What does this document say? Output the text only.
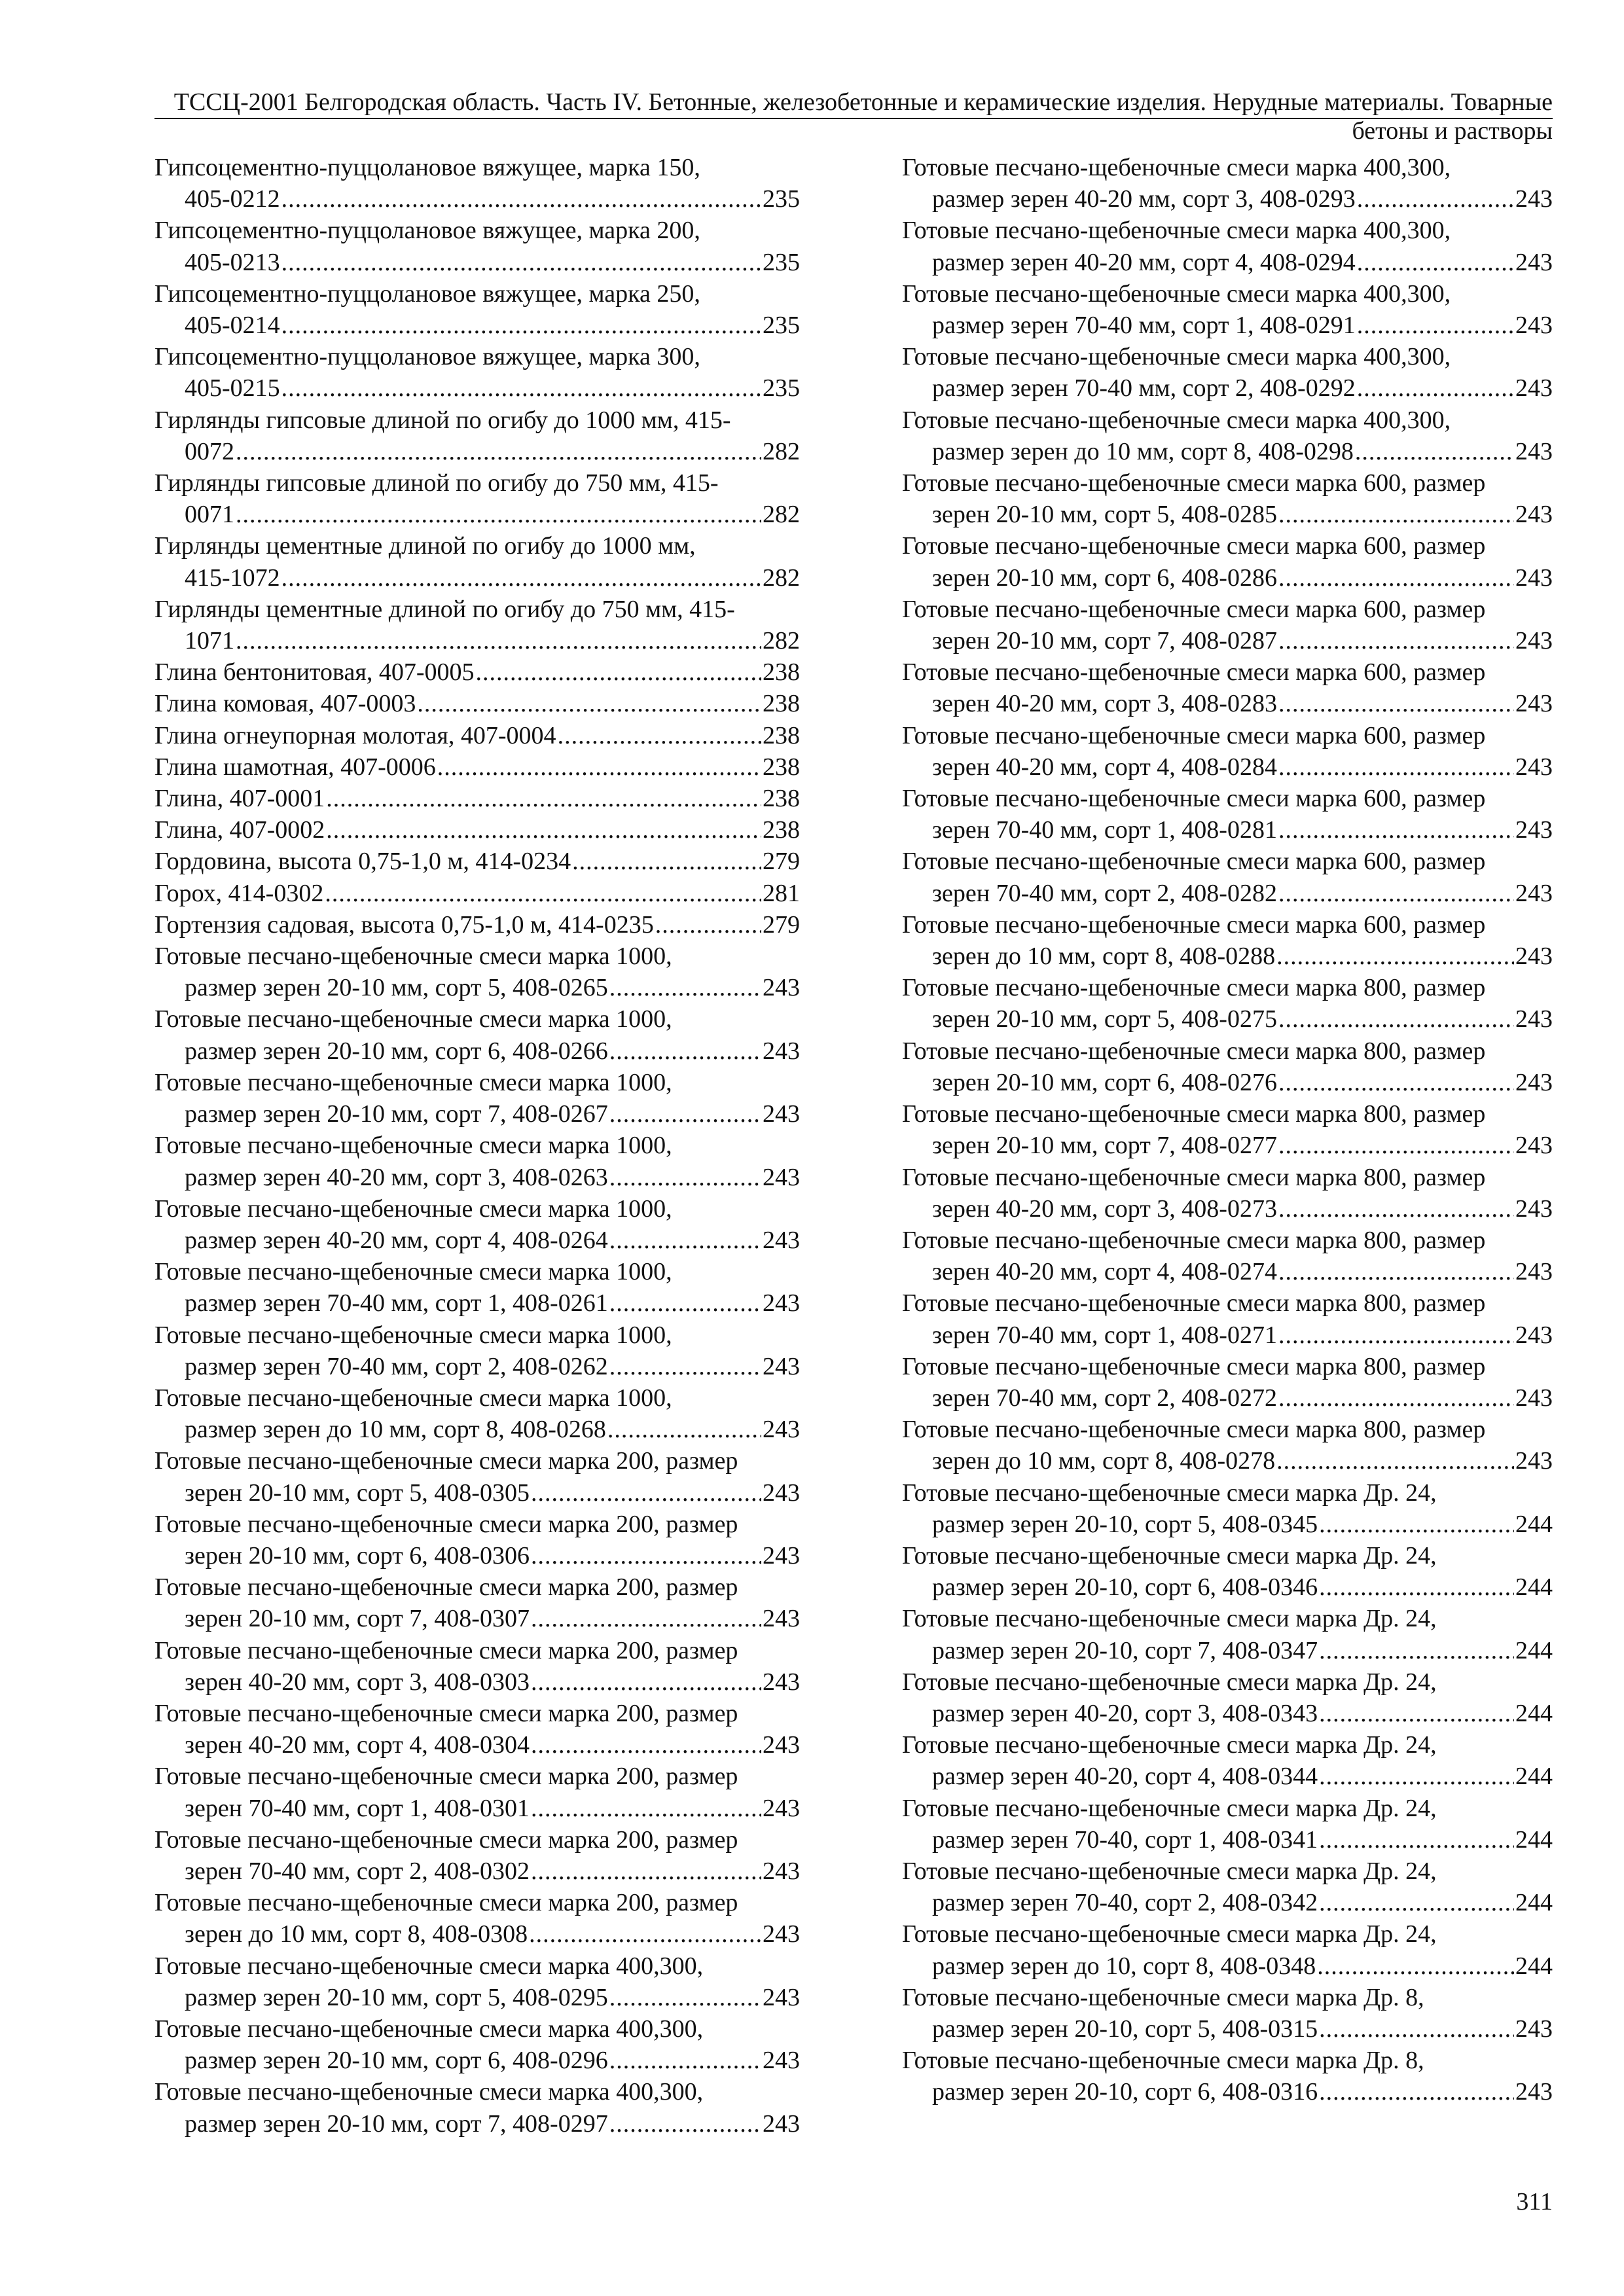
ТССЦ-2001 Белгородская область. Часть IV. Бетонные, железобетонные и керамические изделия. Нерудные материалы. Товарные бетоны и растворы
Гипсоцементно-пуццолановое вяжущее, марка 150,
405-0212 .....	235
Гипсоцементно-пуццолановое вяжущее, марка 200,
405-0213 .....	235
Гипсоцементно-пуццолановое вяжущее, марка 250,
405-0214 .....	235
Гипсоцементно-пуццолановое вяжущее, марка 300,
405-0215 .....	235
Гирлянды гипсовые длиной по огибу до 1000 мм, 415-
0072 .....	282
Гирлянды гипсовые длиной по огибу до 750 мм, 415-
0071 .....	282
Гирлянды цементные длиной по огибу до 1000 мм,
415-1072 .....	282
Гирлянды цементные длиной по огибу до 750 мм, 415-
1071 .....	282
Глина бентонитовая, 407-0005 .....	238
Глина комовая, 407-0003 .....	238
Глина огнеупорная молотая, 407-0004 .....	238
Глина шамотная, 407-0006 .....	238
Глина, 407-0001 .....	238
Глина, 407-0002 .....	238
Гордовина, высота 0,75-1,0 м, 414-0234 .....	279
Горох, 414-0302 .....	281
Гортензия садовая, высота 0,75-1,0 м, 414-0235 .....	279
Готовые песчано-щебеночные смеси марка 1000,
размер зерен 20-10 мм, сорт 5, 408-0265 .....	243
Готовые песчано-щебеночные смеси марка 1000,
размер зерен 20-10 мм, сорт 6, 408-0266 .....	243
Готовые песчано-щебеночные смеси марка 1000,
размер зерен 20-10 мм, сорт 7, 408-0267 .....	243
Готовые песчано-щебеночные смеси марка 1000,
размер зерен 40-20 мм, сорт 3, 408-0263 .....	243
Готовые песчано-щебеночные смеси марка 1000,
размер зерен 40-20 мм, сорт 4, 408-0264 .....	243
Готовые песчано-щебеночные смеси марка 1000,
размер зерен 70-40 мм, сорт 1, 408-0261 .....	243
Готовые песчано-щебеночные смеси марка 1000,
размер зерен 70-40 мм, сорт 2, 408-0262 .....	243
Готовые песчано-щебеночные смеси марка 1000,
размер зерен до 10 мм, сорт 8, 408-0268 .....	243
Готовые песчано-щебеночные смеси марка 200, размер
зерен 20-10 мм, сорт 5, 408-0305 .....	243
Готовые песчано-щебеночные смеси марка 200, размер
зерен 20-10 мм, сорт 6, 408-0306 .....	243
Готовые песчано-щебеночные смеси марка 200, размер
зерен 20-10 мм, сорт 7, 408-0307 .....	243
Готовые песчано-щебеночные смеси марка 200, размер
зерен 40-20 мм, сорт 3, 408-0303 .....	243
Готовые песчано-щебеночные смеси марка 200, размер
зерен 40-20 мм, сорт 4, 408-0304 .....	243
Готовые песчано-щебеночные смеси марка 200, размер
зерен 70-40 мм, сорт 1, 408-0301 .....	243
Готовые песчано-щебеночные смеси марка 200, размер
зерен 70-40 мм, сорт 2, 408-0302 .....	243
Готовые песчано-щебеночные смеси марка 200, размер
зерен до 10 мм, сорт 8, 408-0308 .....	243
Готовые песчано-щебеночные смеси марка 400,300,
размер зерен 20-10 мм, сорт 5, 408-0295 .....	243
Готовые песчано-щебеночные смеси марка 400,300,
размер зерен 20-10 мм, сорт 6, 408-0296 .....	243
Готовые песчано-щебеночные смеси марка 400,300,
размер зерен 20-10 мм, сорт 7, 408-0297 .....	243
Готовые песчано-щебеночные смеси марка 400,300,
размер зерен 40-20 мм, сорт 3, 408-0293 .....	243
Готовые песчано-щебеночные смеси марка 400,300,
размер зерен 40-20 мм, сорт 4, 408-0294 .....	243
Готовые песчано-щебеночные смеси марка 400,300,
размер зерен 70-40 мм, сорт 1, 408-0291 .....	243
Готовые песчано-щебеночные смеси марка 400,300,
размер зерен 70-40 мм, сорт 2, 408-0292 .....	243
Готовые песчано-щебеночные смеси марка 400,300,
размер зерен до 10 мм, сорт 8, 408-0298 .....	243
Готовые песчано-щебеночные смеси марка 600, размер
зерен 20-10 мм, сорт 5, 408-0285 .....	243
Готовые песчано-щебеночные смеси марка 600, размер
зерен 20-10 мм, сорт 6, 408-0286 .....	243
Готовые песчано-щебеночные смеси марка 600, размер
зерен 20-10 мм, сорт 7, 408-0287 .....	243
Готовые песчано-щебеночные смеси марка 600, размер
зерен 40-20 мм, сорт 3, 408-0283 .....	243
Готовые песчано-щебеночные смеси марка 600, размер
зерен 40-20 мм, сорт 4, 408-0284 .....	243
Готовые песчано-щебеночные смеси марка 600, размер
зерен 70-40 мм, сорт 1, 408-0281 .....	243
Готовые песчано-щебеночные смеси марка 600, размер
зерен 70-40 мм, сорт 2, 408-0282 .....	243
Готовые песчано-щебеночные смеси марка 600, размер
зерен до 10 мм, сорт 8, 408-0288 .....	243
Готовые песчано-щебеночные смеси марка 800, размер
зерен 20-10 мм, сорт 5, 408-0275 .....	243
Готовые песчано-щебеночные смеси марка 800, размер
зерен 20-10 мм, сорт 6, 408-0276 .....	243
Готовые песчано-щебеночные смеси марка 800, размер
зерен 20-10 мм, сорт 7, 408-0277 .....	243
Готовые песчано-щебеночные смеси марка 800, размер
зерен 40-20 мм, сорт 3, 408-0273 .....	243
Готовые песчано-щебеночные смеси марка 800, размер
зерен 40-20 мм, сорт 4, 408-0274 .....	243
Готовые песчано-щебеночные смеси марка 800, размер
зерен 70-40 мм, сорт 1, 408-0271 .....	243
Готовые песчано-щебеночные смеси марка 800, размер
зерен 70-40 мм, сорт 2, 408-0272 .....	243
Готовые песчано-щебеночные смеси марка 800, размер
зерен до 10 мм, сорт 8, 408-0278 .....	243
Готовые песчано-щебеночные смеси марка Др. 24,
размер зерен 20-10, сорт 5, 408-0345 .....	244
Готовые песчано-щебеночные смеси марка Др. 24,
размер зерен 20-10, сорт 6, 408-0346 .....	244
Готовые песчано-щебеночные смеси марка Др. 24,
размер зерен 20-10, сорт 7, 408-0347 .....	244
Готовые песчано-щебеночные смеси марка Др. 24,
размер зерен 40-20, сорт 3, 408-0343 .....	244
Готовые песчано-щебеночные смеси марка Др. 24,
размер зерен 40-20, сорт 4, 408-0344 .....	244
Готовые песчано-щебеночные смеси марка Др. 24,
размер зерен 70-40, сорт 1, 408-0341 .....	244
Готовые песчано-щебеночные смеси марка Др. 24,
размер зерен 70-40, сорт 2, 408-0342 .....	244
Готовые песчано-щебеночные смеси марка Др. 24,
размер зерен до 10, сорт 8, 408-0348 .....	244
Готовые песчано-щебеночные смеси марка Др. 8,
размер зерен 20-10, сорт 5, 408-0315 .....	243
Готовые песчано-щебеночные смеси марка Др. 8,
размер зерен 20-10, сорт 6, 408-0316 .....	243
311
